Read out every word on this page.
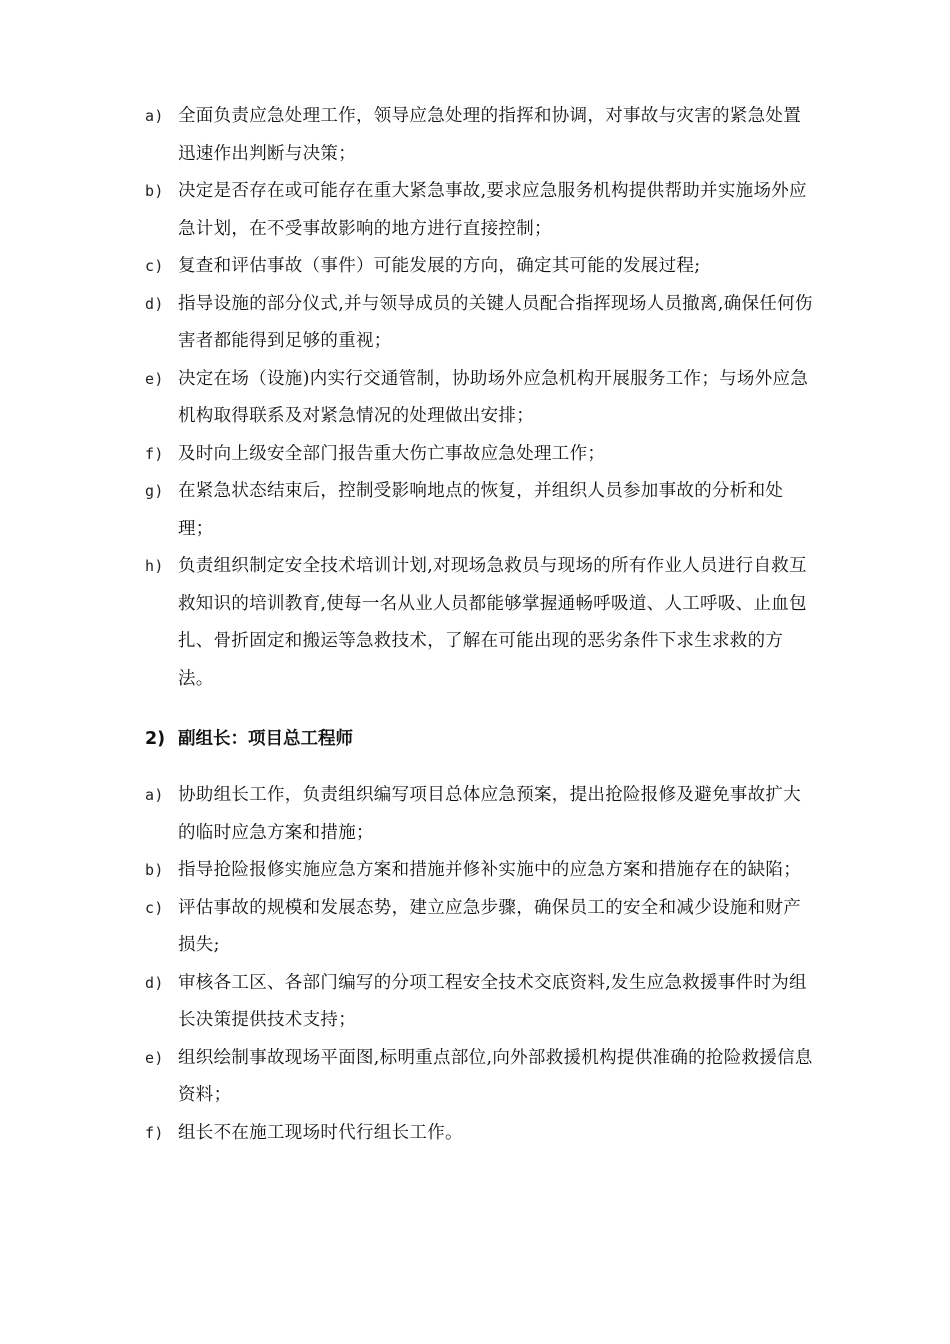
a) 全面负责应急处理工作，领导应急处理的指挥和协调，对事故与灾害的紧急处置迅速作出判断与决策；
b) 决定是否存在或可能存在重大紧急事故,要求应急服务机构提供帮助并实施场外应急计划，在不受事故影响的地方进行直接控制；
c) 复查和评估事故（事件）可能发展的方向，确定其可能的发展过程;
d) 指导设施的部分仪式,并与领导成员的关键人员配合指挥现场人员撤离,确保任何伤害者都能得到足够的重视；
e) 决定在场（设施)内实行交通管制，协助场外应急机构开展服务工作；与场外应急机构取得联系及对紧急情况的处理做出安排；
f) 及时向上级安全部门报告重大伤亡事故应急处理工作；
g) 在紧急状态结束后，控制受影响地点的恢复，并组织人员参加事故的分析和处理；
h) 负责组织制定安全技术培训计划,对现场急救员与现场的所有作业人员进行自救互救知识的培训教育,使每一名从业人员都能够掌握通畅呼吸道、人工呼吸、止血包扎、骨折固定和搬运等急救技术，了解在可能出现的恶劣条件下求生求救的方法。
2) 副组长：项目总工程师
a) 协助组长工作，负责组织编写项目总体应急预案，提出抢险报修及避免事故扩大的临时应急方案和措施；
b) 指导抢险报修实施应急方案和措施并修补实施中的应急方案和措施存在的缺陷；
c) 评估事故的规模和发展态势，建立应急步骤，确保员工的安全和减少设施和财产损失;
d) 审核各工区、各部门编写的分项工程安全技术交底资料,发生应急救援事件时为组长决策提供技术支持；
e) 组织绘制事故现场平面图,标明重点部位,向外部救援机构提供准确的抢险救援信息资料；
f) 组长不在施工现场时代行组长工作。
